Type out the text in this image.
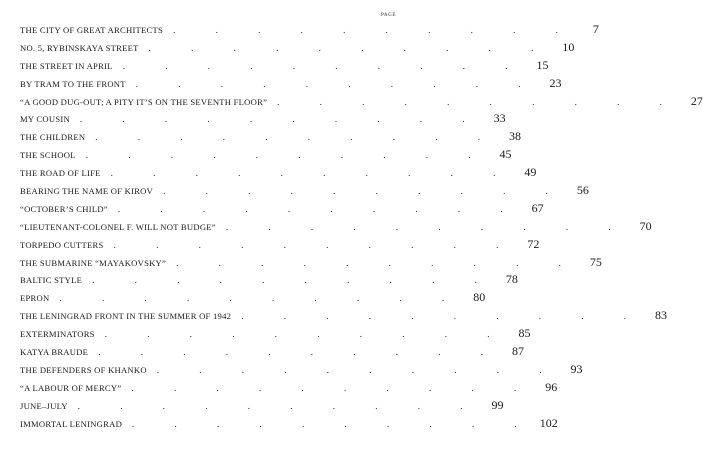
PAGE
THE CITY OF GREAT ARCHITECTS	. . . . . . . . . .	7
NO. 5, RYBINSKAYA STREET	. . . . . . . . . . 10
THE STREET IN APRIL	. . . . . . . . . . 15
BY TRAM TO THE FRONT	. . . . . . . . . . 23
“A GOOD DUG-OUT; A PITY IT’S ON THE SEVENTH FLOOR”	. . . . . . . . . . 27
MY COUSIN	. . . . . . . . . . 33
THE CHILDREN	. . . . . . . . . . 38
THE SCHOOL	. . . . . . . . . . 45
THE ROAD OF LIFE	. . . . . . . . . . 49
BEARING THE NAME OF KIROV	. . . . . . . . . . 56
“OCTOBER’S CHILD”	. . . . . . . . . . 67
“LIEUTENANT-COLONEL F. WILL NOT BUDGE”	. . . . . . . . . . 70
TORPEDO CUTTERS	. . . . . . . . . . 72
THE SUBMARINE “MAYAKOVSKY”	. . . . . . . . . . 75
BALTIC STYLE	. . . . . . . . . . 78
EPRON	. . . . . . . . . . 80
THE LENINGRAD FRONT IN THE SUMMER OF 1942	. . . . . . . . . . 83
EXTERMINATORS	. . . . . . . . . . 85
KATYA BRAUDE	. . . . . . . . . . 87
THE DEFENDERS OF KHANKO	. . . . . . . . . . 93
“A LABOUR OF MERCY”	. . . . . . . . . . 96
JUNE–JULY	. . . . . . . . . . 99
IMMORTAL LENINGRAD	. . . . . . . . . . 102
